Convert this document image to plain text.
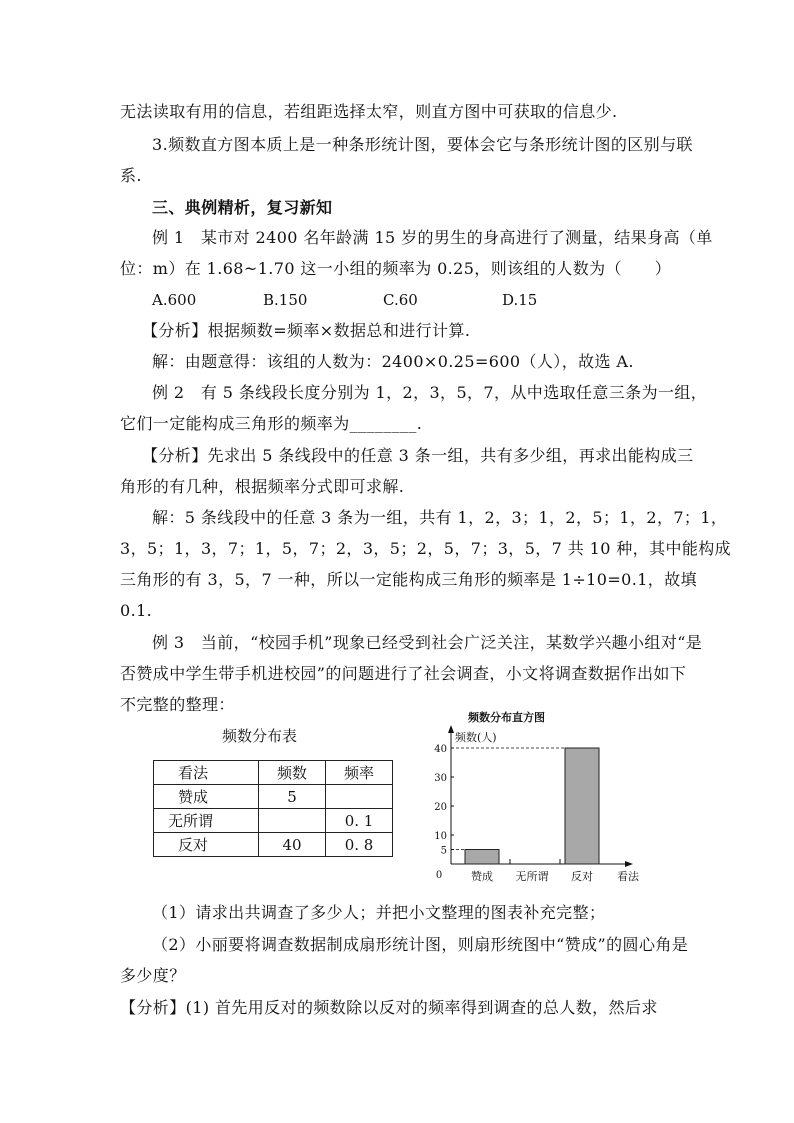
无法读取有用的信息，若组距选择太窄，则直方图中可获取的信息少.
3.频数直方图本质上是一种条形统计图，要体会它与条形统计图的区别与联
系.
三、典例精析，复习新知
例 1　某市对 2400 名年龄满 15 岁的男生的身高进行了测量，结果身高（单
位：m）在 1.68~1.70 这一小组的频率为 0.25，则该组的人数为（　　）
A.600	B.150	C.60	D.15
【分析】根据频数=频率×数据总和进行计算.
解：由题意得：该组的人数为：2400×0.25=600（人），故选 A.
例 2　有 5 条线段长度分别为 1，2，3，5，7，从中选取任意三条为一组，
它们一定能构成三角形的频率为________.
【分析】先求出 5 条线段中的任意 3 条一组，共有多少组，再求出能构成三
角形的有几种，根据频率分式即可求解.
解：5 条线段中的任意 3 条为一组，共有 1，2，3；1，2，5；1，2，7；1，
3，5；1，3，7；1，5，7；2，3，5；2，5，7；3，5，7 共 10 种，其中能构成
三角形的有 3，5，7 一种，所以一定能构成三角形的频率是 1÷10=0.1，故填
0.1.
例 3　当前，“校园手机”现象已经受到社会广泛关注，某数学兴趣小组对“是
否赞成中学生带手机进校园”的问题进行了社会调查，小文将调查数据作出如下
不完整的整理：
频数分布表
看法	频数	频率
赞成	5	
无所谓		0. 1
反对	40	0. 8
频数分布直方图
频数(人)
看法
0
5
10
20
30
40
赞成 无所谓 反对
（1）请求出共调查了多少人；并把小文整理的图表补充完整；
（2）小丽要将调查数据制成扇形统计图，则扇形统图中“赞成”的圆心角是
多少度？
【分析】(1) 首先用反对的频数除以反对的频率得到调查的总人数，然后求
